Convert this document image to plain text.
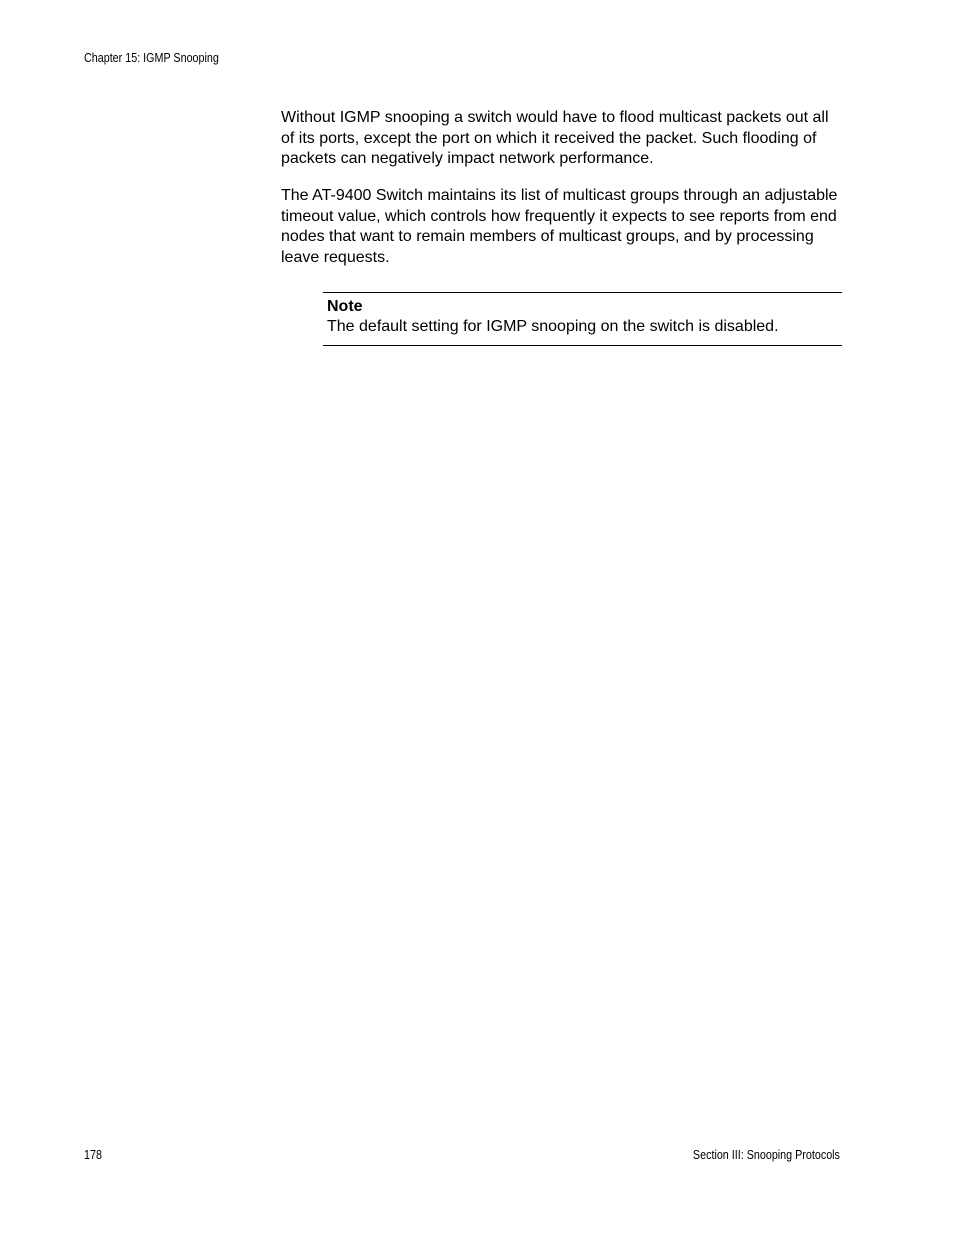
Chapter 15: IGMP Snooping

Without IGMP snooping a switch would have to flood multicast packets out all of its ports, except the port on which it received the packet. Such flooding of packets can negatively impact network performance.

The AT-9400 Switch maintains its list of multicast groups through an adjustable timeout value, which controls how frequently it expects to see reports from end nodes that want to remain members of multicast groups, and by processing leave requests.

Note
The default setting for IGMP snooping on the switch is disabled.
178	Section III: Snooping Protocols
